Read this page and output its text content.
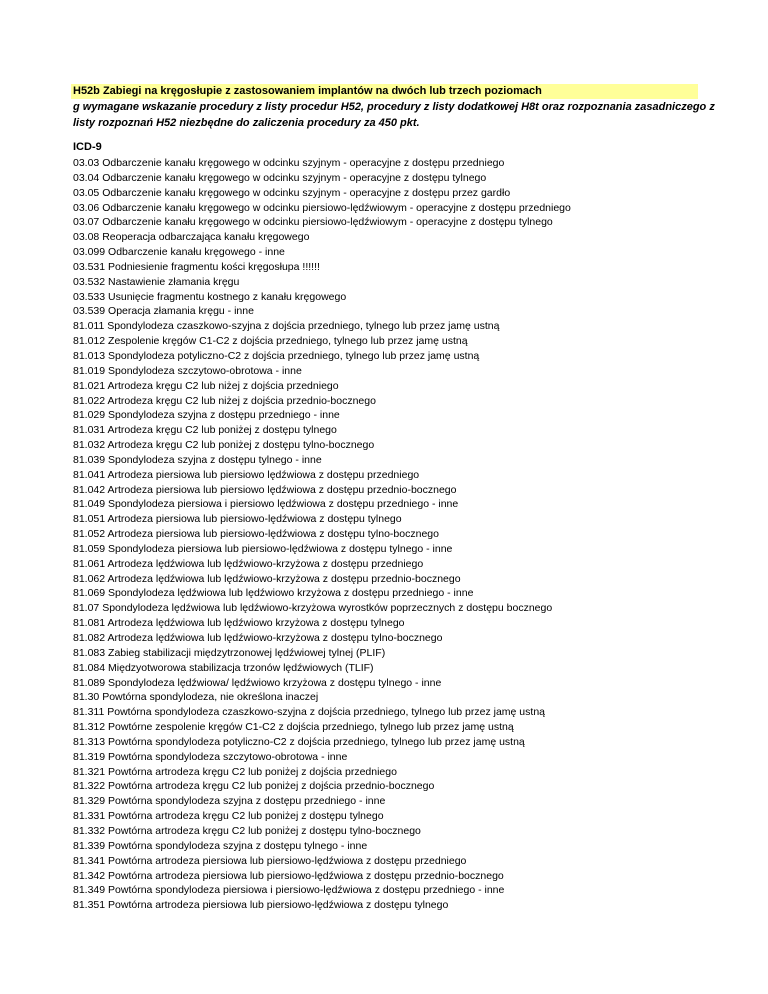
H52b Zabiegi na kręgosłupie z zastosowaniem implantów na dwóch lub trzech poziomach
g wymagane wskazanie procedury z listy procedur H52, procedury z listy dodatkowej H8t oraz rozpoznania zasadniczego z
listy rozpoznań H52 niezbędne do zaliczenia procedury za 450 pkt.
ICD-9
03.03 Odbarczenie kanału kręgowego w odcinku szyjnym - operacyjne z dostępu przedniego
03.04 Odbarczenie kanału kręgowego w odcinku szyjnym - operacyjne z dostępu tylnego
03.05 Odbarczenie kanału kręgowego w odcinku szyjnym - operacyjne z dostępu przez gardło
03.06 Odbarczenie kanału kręgowego w odcinku piersiowo-lędźwiowym - operacyjne z dostępu przedniego
03.07 Odbarczenie kanału kręgowego w odcinku piersiowo-lędźwiowym - operacyjne z dostępu tylnego
03.08 Reoperacja odbarczająca kanału kręgowego
03.099 Odbarczenie kanału kręgowego - inne
03.531 Podniesienie fragmentu kości kręgosłupa !!!!!!
03.532 Nastawienie złamania kręgu
03.533 Usunięcie fragmentu kostnego z kanału kręgowego
03.539 Operacja złamania kręgu - inne
81.011 Spondylodeza czaszkowo-szyjna z dojścia przedniego, tylnego lub przez jamę ustną
81.012 Zespolenie kręgów C1-C2 z dojścia przedniego, tylnego lub przez jamę ustną
81.013 Spondylodeza potyliczno-C2 z dojścia przedniego, tylnego lub przez jamę ustną
81.019 Spondylodeza szczytowo-obrotowa - inne
81.021 Artrodeza kręgu C2 lub niżej z dojścia przedniego
81.022 Artrodeza kręgu C2 lub niżej z dojścia przednio-bocznego
81.029 Spondylodeza szyjna z dostępu przedniego - inne
81.031 Artrodeza kręgu C2 lub poniżej z dostępu tylnego
81.032 Artrodeza kręgu C2 lub poniżej z dostępu tylno-bocznego
81.039 Spondylodeza szyjna z dostępu tylnego - inne
81.041 Artrodeza piersiowa lub piersiowo lędźwiowa z dostępu przedniego
81.042 Artrodeza piersiowa lub piersiowo lędźwiowa z dostępu przednio-bocznego
81.049 Spondylodeza piersiowa i piersiowo lędźwiowa z dostępu przedniego - inne
81.051 Artrodeza piersiowa lub piersiowo-lędźwiowa z dostępu tylnego
81.052 Artrodeza piersiowa lub piersiowo-lędźwiowa z dostępu tylno-bocznego
81.059 Spondylodeza piersiowa lub piersiowo-lędźwiowa z dostępu tylnego - inne
81.061 Artrodeza lędźwiowa lub lędźwiowo-krzyżowa z dostępu przedniego
81.062 Artrodeza lędźwiowa lub lędźwiowo-krzyżowa z dostępu przednio-bocznego
81.069 Spondylodeza lędźwiowa lub lędźwiowo krzyżowa z dostępu przedniego - inne
81.07 Spondylodeza lędźwiowa lub lędźwiowo-krzyżowa wyrostków poprzecznych z dostępu bocznego
81.081 Artrodeza lędźwiowa lub lędźwiowo krzyżowa z dostępu tylnego
81.082 Artrodeza lędźwiowa lub lędźwiowo-krzyżowa z dostępu tylno-bocznego
81.083 Zabieg stabilizacji międzytrzonowej lędźwiowej tylnej (PLIF)
81.084 Międzyotworowa stabilizacja trzonów lędźwiowych (TLIF)
81.089 Spondylodeza lędźwiowa/ lędźwiowo krzyżowa z dostępu tylnego - inne
81.30 Powtórna spondylodeza, nie określona inaczej
81.311 Powtórna spondylodeza czaszkowo-szyjna z dojścia przedniego, tylnego lub przez jamę ustną
81.312 Powtórne zespolenie kręgów C1-C2 z dojścia przedniego, tylnego lub przez jamę ustną
81.313 Powtórna spondylodeza potyliczno-C2 z dojścia przedniego, tylnego lub przez jamę ustną
81.319 Powtórna spondylodeza szczytowo-obrotowa - inne
81.321 Powtórna artrodeza kręgu C2 lub poniżej z dojścia przedniego
81.322 Powtórna artrodeza kręgu C2 lub poniżej z dojścia przednio-bocznego
81.329 Powtórna spondylodeza szyjna z dostępu przedniego - inne
81.331 Powtórna artrodeza kręgu C2 lub poniżej z dostępu tylnego
81.332 Powtórna artrodeza kręgu C2 lub poniżej z dostępu tylno-bocznego
81.339 Powtórna spondylodeza szyjna z dostępu tylnego - inne
81.341 Powtórna artrodeza piersiowa lub piersiowo-lędźwiowa z dostępu przedniego
81.342 Powtórna artrodeza piersiowa lub piersiowo-lędźwiowa z dostępu przednio-bocznego
81.349 Powtórna spondylodeza piersiowa i piersiowo-lędźwiowa z dostępu przedniego - inne
81.351 Powtórna artrodeza piersiowa lub piersiowo-lędźwiowa z dostępu tylnego
